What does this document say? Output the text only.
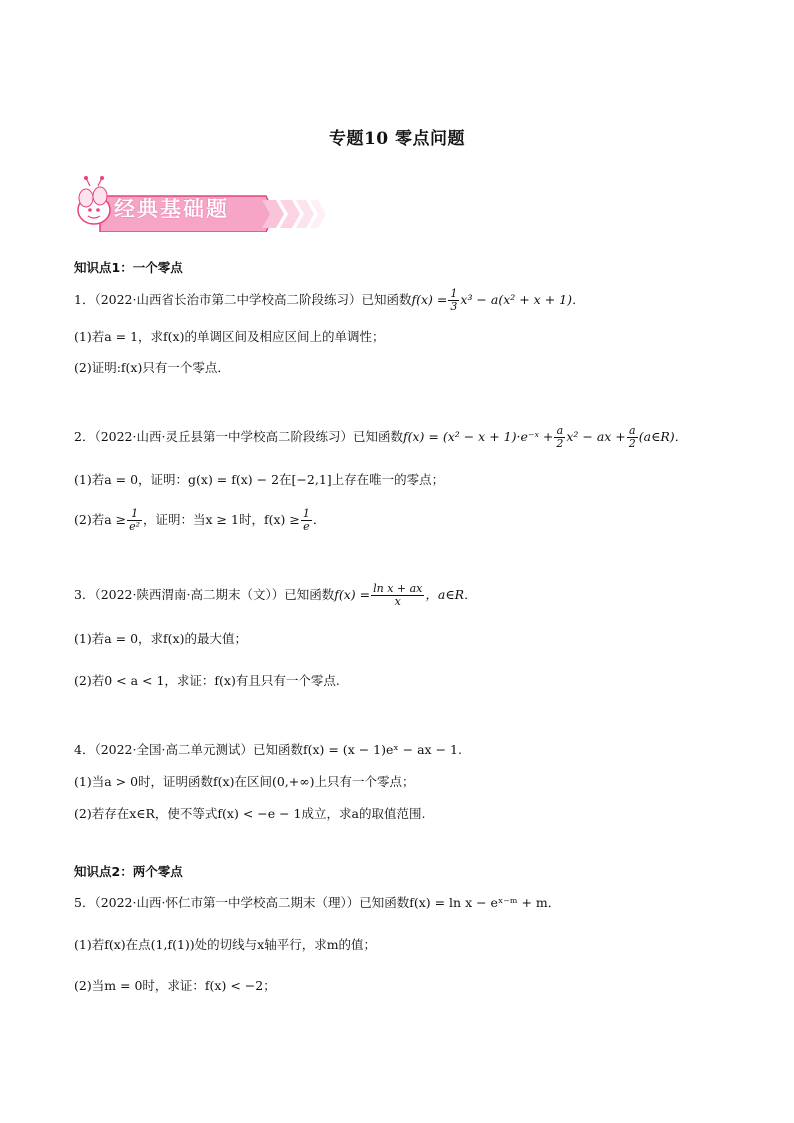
专题10 零点问题
经典基础题
知识点1：一个零点
1．（2022·山西省长治市第二中学校高二阶段练习）已知函数$f(x) = \frac{1}{3} x^3 - a(x^2 + x + 1)$．
(1)若a = 1，求f(x)的单调区间及相应区间上的单调性；
(2)证明:f(x)只有一个零点．
2．（2022·山西·灵丘县第一中学校高二阶段练习）已知函数f(x) = (x² − x + 1)·e⁻ˣ + $\frac{a}{2} x^2$ − ax + $\frac{a}{2}$ (a∈R)．
(1)若a = 0，证明：g(x) = f(x) − 2在[−2,1]上存在唯一的零点；
(2)若$a \ge \frac{1}{\text{e²}}$ ，证明：当x ≥ 1时，$f(x) \ge \frac{1}{e}$ ．
3．（2022·陕西渭南·高二期末（文））已知函数$f(x) = \frac{\text{ln x + ax}}{x}$ ，a∈R．
(1)若a = 0，求f(x)的最大值；
(2)若0 < a < 1，求证：f(x)有且只有一个零点.
4．（2022·全国·高二单元测试）已知函数f(x) = (x − 1)eˣ − ax − 1.
(1)当a > 0时，证明函数f(x)在区间(0,+∞)上只有一个零点；
(2)若存在x∈R，使不等式f(x) < −e − 1成立，求a的取值范围.
知识点2：两个零点
5．（2022·山西·怀仁市第一中学校高二期末（理））已知函数f(x) = ln x − eˣ⁻ᵐ + m．
(1)若f(x)在点(1,f(1))处的切线与x轴平行，求m的值；
(2)当m = 0时，求证：f(x) < −2；
